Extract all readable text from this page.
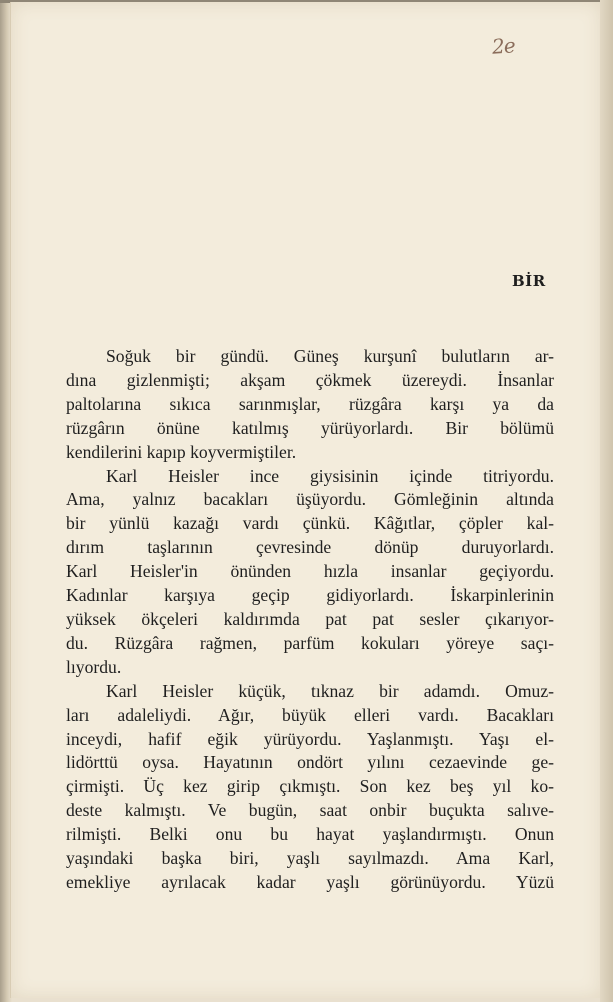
2e
BİR
Soğuk bir gündü. Güneş kurşunî bulutların ar-
dına gizlenmişti; akşam çökmek üzereydi. İnsanlar
paltolarına sıkıca sarınmışlar, rüzgâra karşı ya da
rüzgârın önüne katılmış yürüyorlardı. Bir bölümü
kendilerini kapıp koyvermiştiler.
Karl Heisler ince giysisinin içinde titriyordu.
Ama, yalnız bacakları üşüyordu. Gömleğinin altında
bir yünlü kazağı vardı çünkü. Kâğıtlar, çöpler kal-
dırım taşlarının çevresinde dönüp duruyorlardı.
Karl Heisler'in önünden hızla insanlar geçiyordu.
Kadınlar karşıya geçip gidiyorlardı. İskarpinlerinin
yüksek ökçeleri kaldırımda pat pat sesler çıkarıyor-
du. Rüzgâra rağmen, parfüm kokuları yöreye saçı-
lıyordu.
Karl Heisler küçük, tıknaz bir adamdı. Omuz-
ları adaleliydi. Ağır, büyük elleri vardı. Bacakları
inceydi, hafif eğik yürüyordu. Yaşlanmıştı. Yaşı el-
lidörttü oysa. Hayatının ondört yılını cezaevinde ge-
çirmişti. Üç kez girip çıkmıştı. Son kez beş yıl ko-
deste kalmıştı. Ve bugün, saat onbir buçukta salıve-
rilmişti. Belki onu bu hayat yaşlandırmıştı. Onun
yaşındaki başka biri, yaşlı sayılmazdı. Ama Karl,
emekliye ayrılacak kadar yaşlı görünüyordu. Yüzü
